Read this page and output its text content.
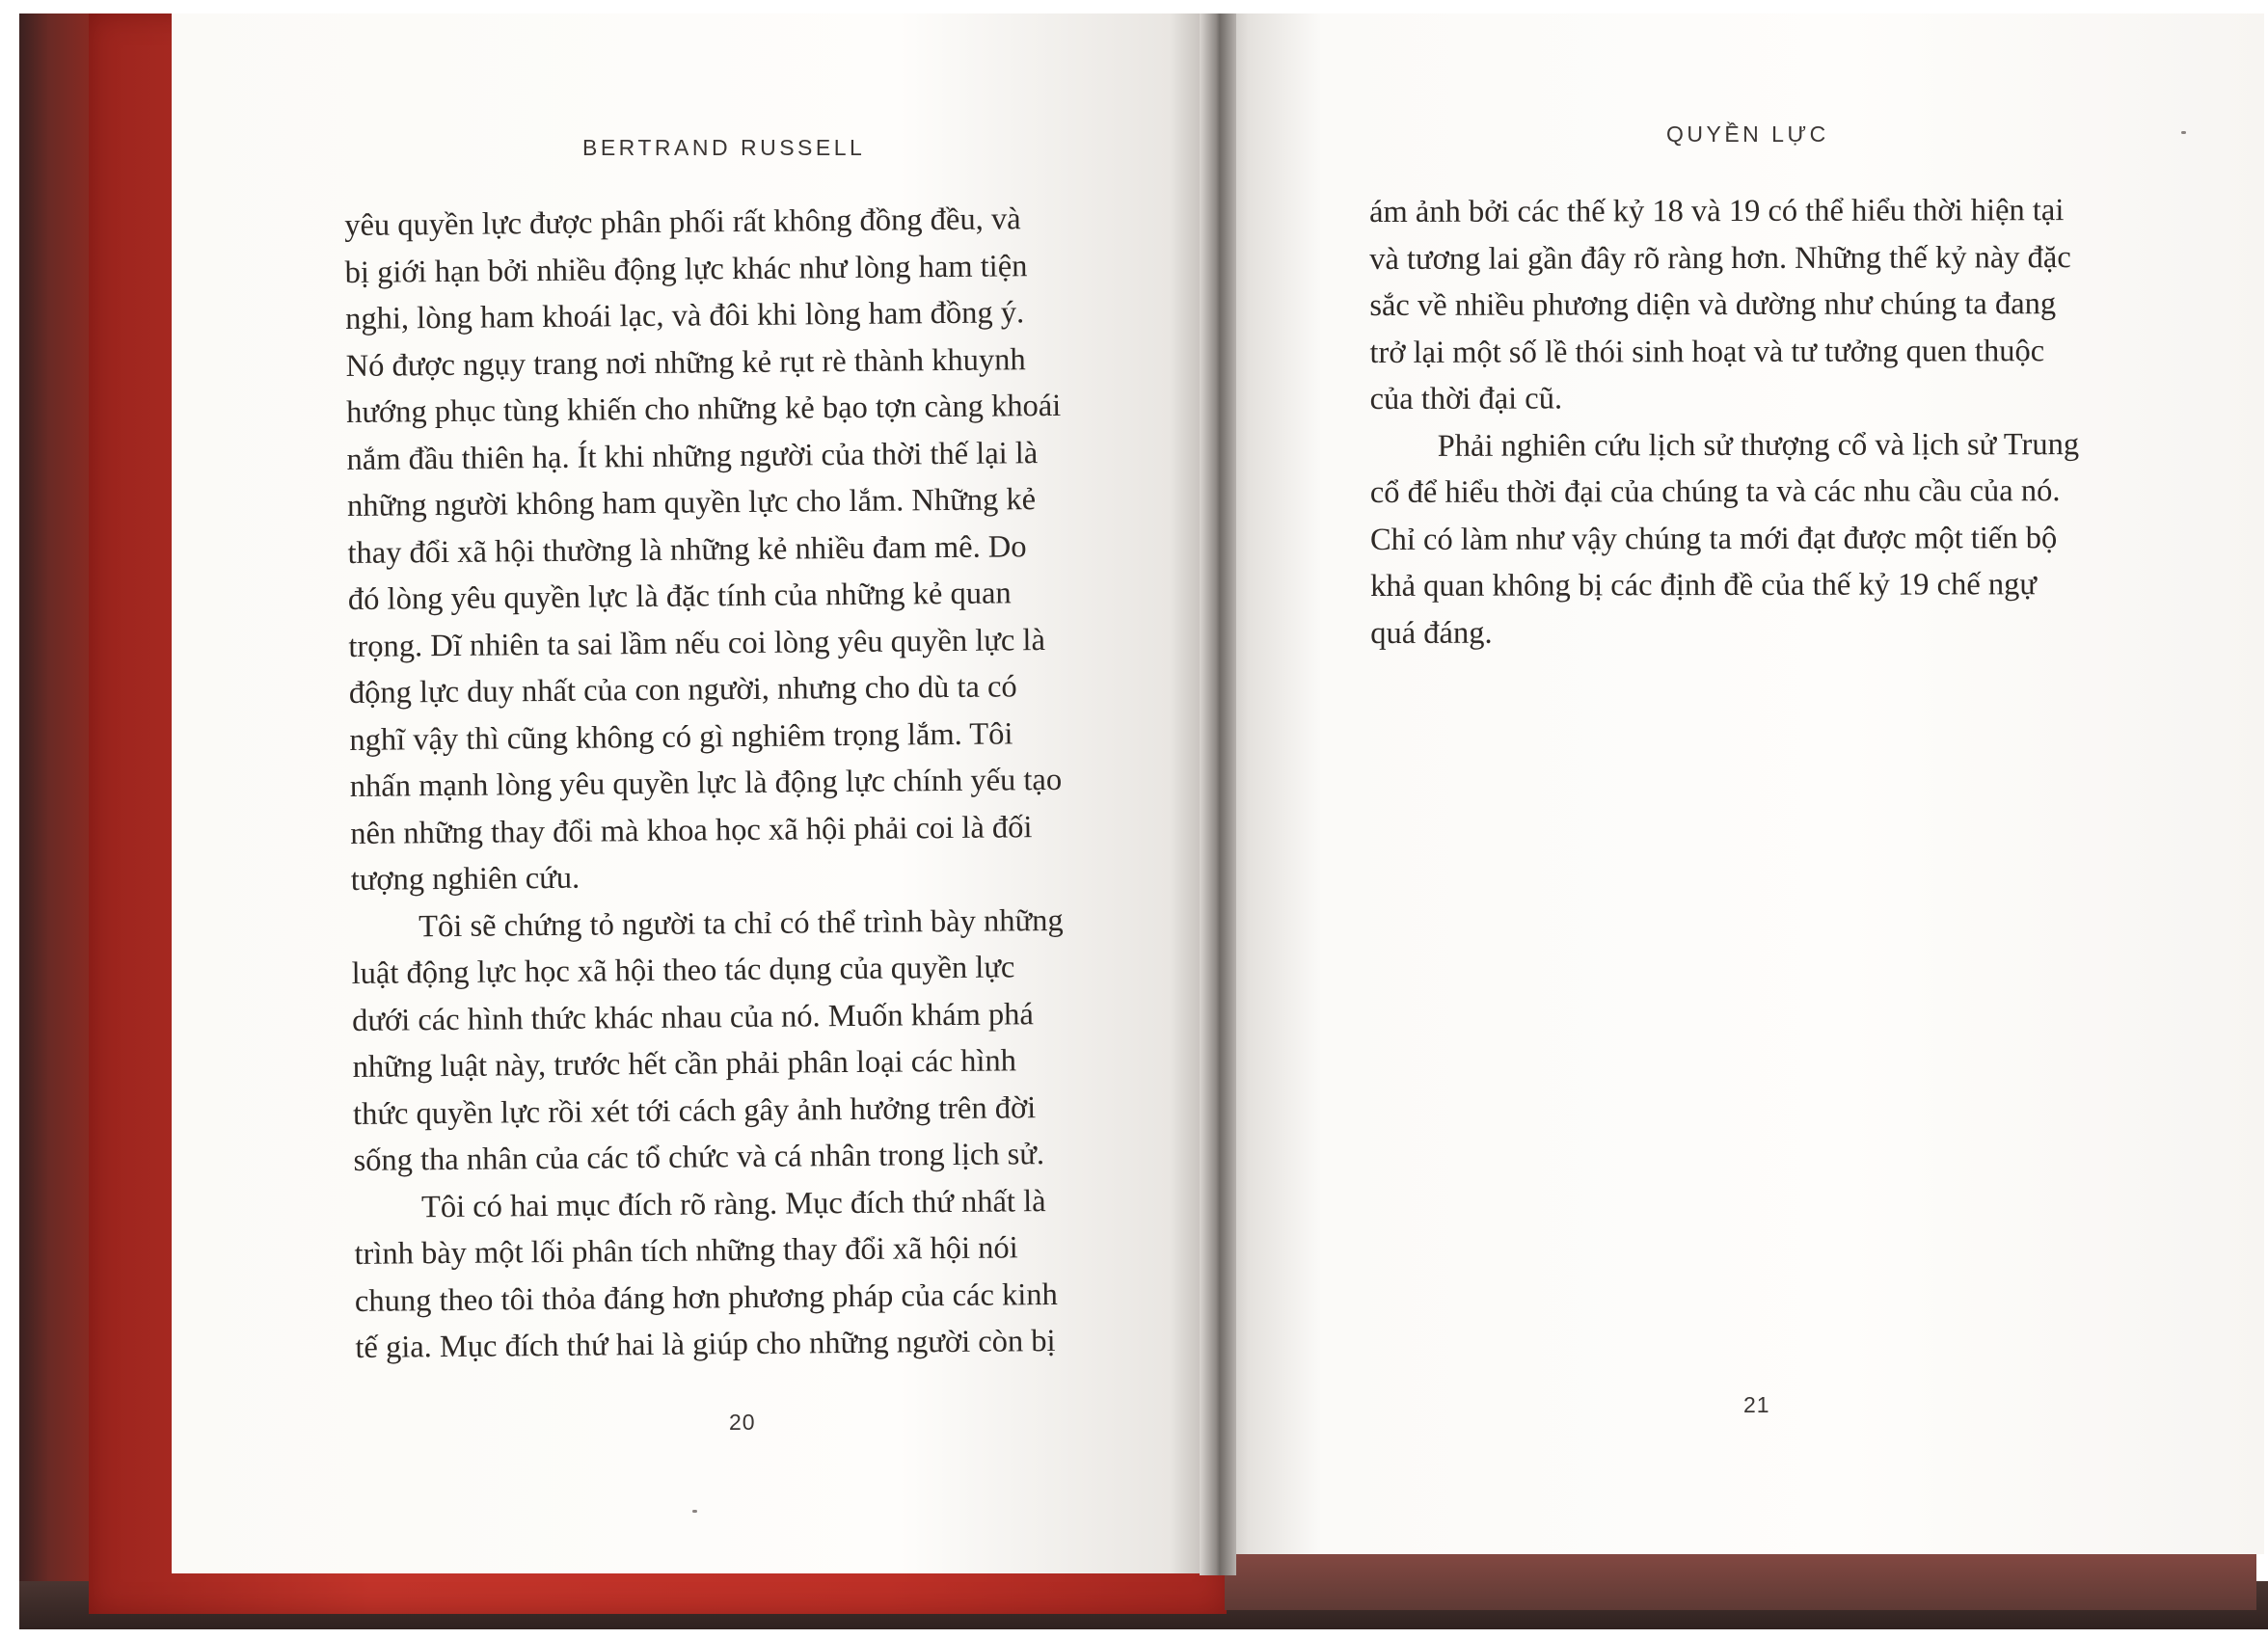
BERTRAND RUSSELL
yêu quyền lực được phân phối rất không đồng đều, và
bị giới hạn bởi nhiều động lực khác như lòng ham tiện
nghi, lòng ham khoái lạc, và đôi khi lòng ham đồng ý.
Nó được ngụy trang nơi những kẻ rụt rè thành khuynh
hướng phục tùng khiến cho những kẻ bạo tợn càng khoái
nắm đầu thiên hạ. Ít khi những người của thời thế lại là
những người không ham quyền lực cho lắm. Những kẻ
thay đổi xã hội thường là những kẻ nhiều đam mê. Do
đó lòng yêu quyền lực là đặc tính của những kẻ quan
trọng. Dĩ nhiên ta sai lầm nếu coi lòng yêu quyền lực là
động lực duy nhất của con người, nhưng cho dù ta có
nghĩ vậy thì cũng không có gì nghiêm trọng lắm. Tôi
nhấn mạnh lòng yêu quyền lực là động lực chính yếu tạo
nên những thay đổi mà khoa học xã hội phải coi là đối
tượng nghiên cứu.
Tôi sẽ chứng tỏ người ta chỉ có thể trình bày những
luật động lực học xã hội theo tác dụng của quyền lực
dưới các hình thức khác nhau của nó. Muốn khám phá
những luật này, trước hết cần phải phân loại các hình
thức quyền lực rồi xét tới cách gây ảnh hưởng trên đời
sống tha nhân của các tổ chức và cá nhân trong lịch sử.
Tôi có hai mục đích rõ ràng. Mục đích thứ nhất là
trình bày một lối phân tích những thay đổi xã hội nói
chung theo tôi thỏa đáng hơn phương pháp của các kinh
tế gia. Mục đích thứ hai là giúp cho những người còn bị
20
QUYỀN LỰC
ám ảnh bởi các thế kỷ 18 và 19 có thể hiểu thời hiện tại
và tương lai gần đây rõ ràng hơn. Những thế kỷ này đặc
sắc về nhiều phương diện và dường như chúng ta đang
trở lại một số lề thói sinh hoạt và tư tưởng quen thuộc
của thời đại cũ.
Phải nghiên cứu lịch sử thượng cổ và lịch sử Trung
cổ để hiểu thời đại của chúng ta và các nhu cầu của nó.
Chỉ có làm như vậy chúng ta mới đạt được một tiến bộ
khả quan không bị các định đề của thế kỷ 19 chế ngự
quá đáng.
21
